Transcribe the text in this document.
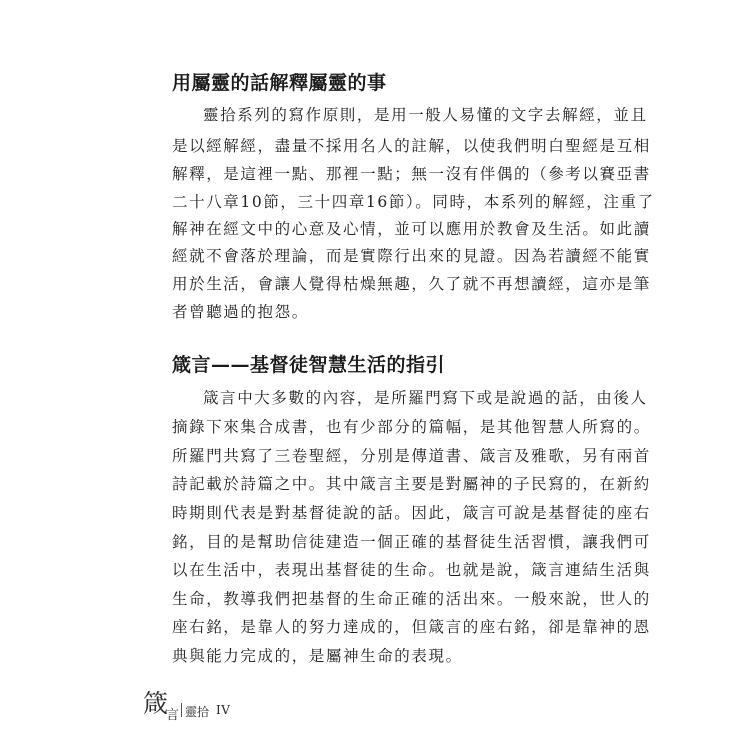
用屬靈的話解釋屬靈的事
靈拾系列的寫作原則，是用一般人易懂的文字去解經，並且
是以經解經，盡量不採用名人的註解，以使我們明白聖經是互相
解釋，是這裡一點、那裡一點；無一沒有伴偶的（參考以賽亞書
二十八章10節，三十四章16節）。同時，本系列的解經，注重了
解神在經文中的心意及心情，並可以應用於教會及生活。如此讀
經就不會落於理論，而是實際行出來的見證。因為若讀經不能實
用於生活，會讓人覺得枯燥無趣，久了就不再想讀經，這亦是筆
者曾聽過的抱怨。
箴言——基督徒智慧生活的指引
箴言中大多數的內容，是所羅門寫下或是說過的話，由後人
摘錄下來集合成書，也有少部分的篇幅，是其他智慧人所寫的。
所羅門共寫了三卷聖經，分別是傳道書、箴言及雅歌，另有兩首
詩記載於詩篇之中。其中箴言主要是對屬神的子民寫的，在新約
時期則代表是對基督徒說的話。因此，箴言可說是基督徒的座右
銘，目的是幫助信徒建造一個正確的基督徒生活習慣，讓我們可
以在生活中，表現出基督徒的生命。也就是說，箴言連結生活與
生命，教導我們把基督的生命正確的活出來。一般來說，世人的
座右銘，是靠人的努力達成的，但箴言的座右銘，卻是靠神的恩
典與能力完成的，是屬神生命的表現。
箴
言 靈拾 IV
